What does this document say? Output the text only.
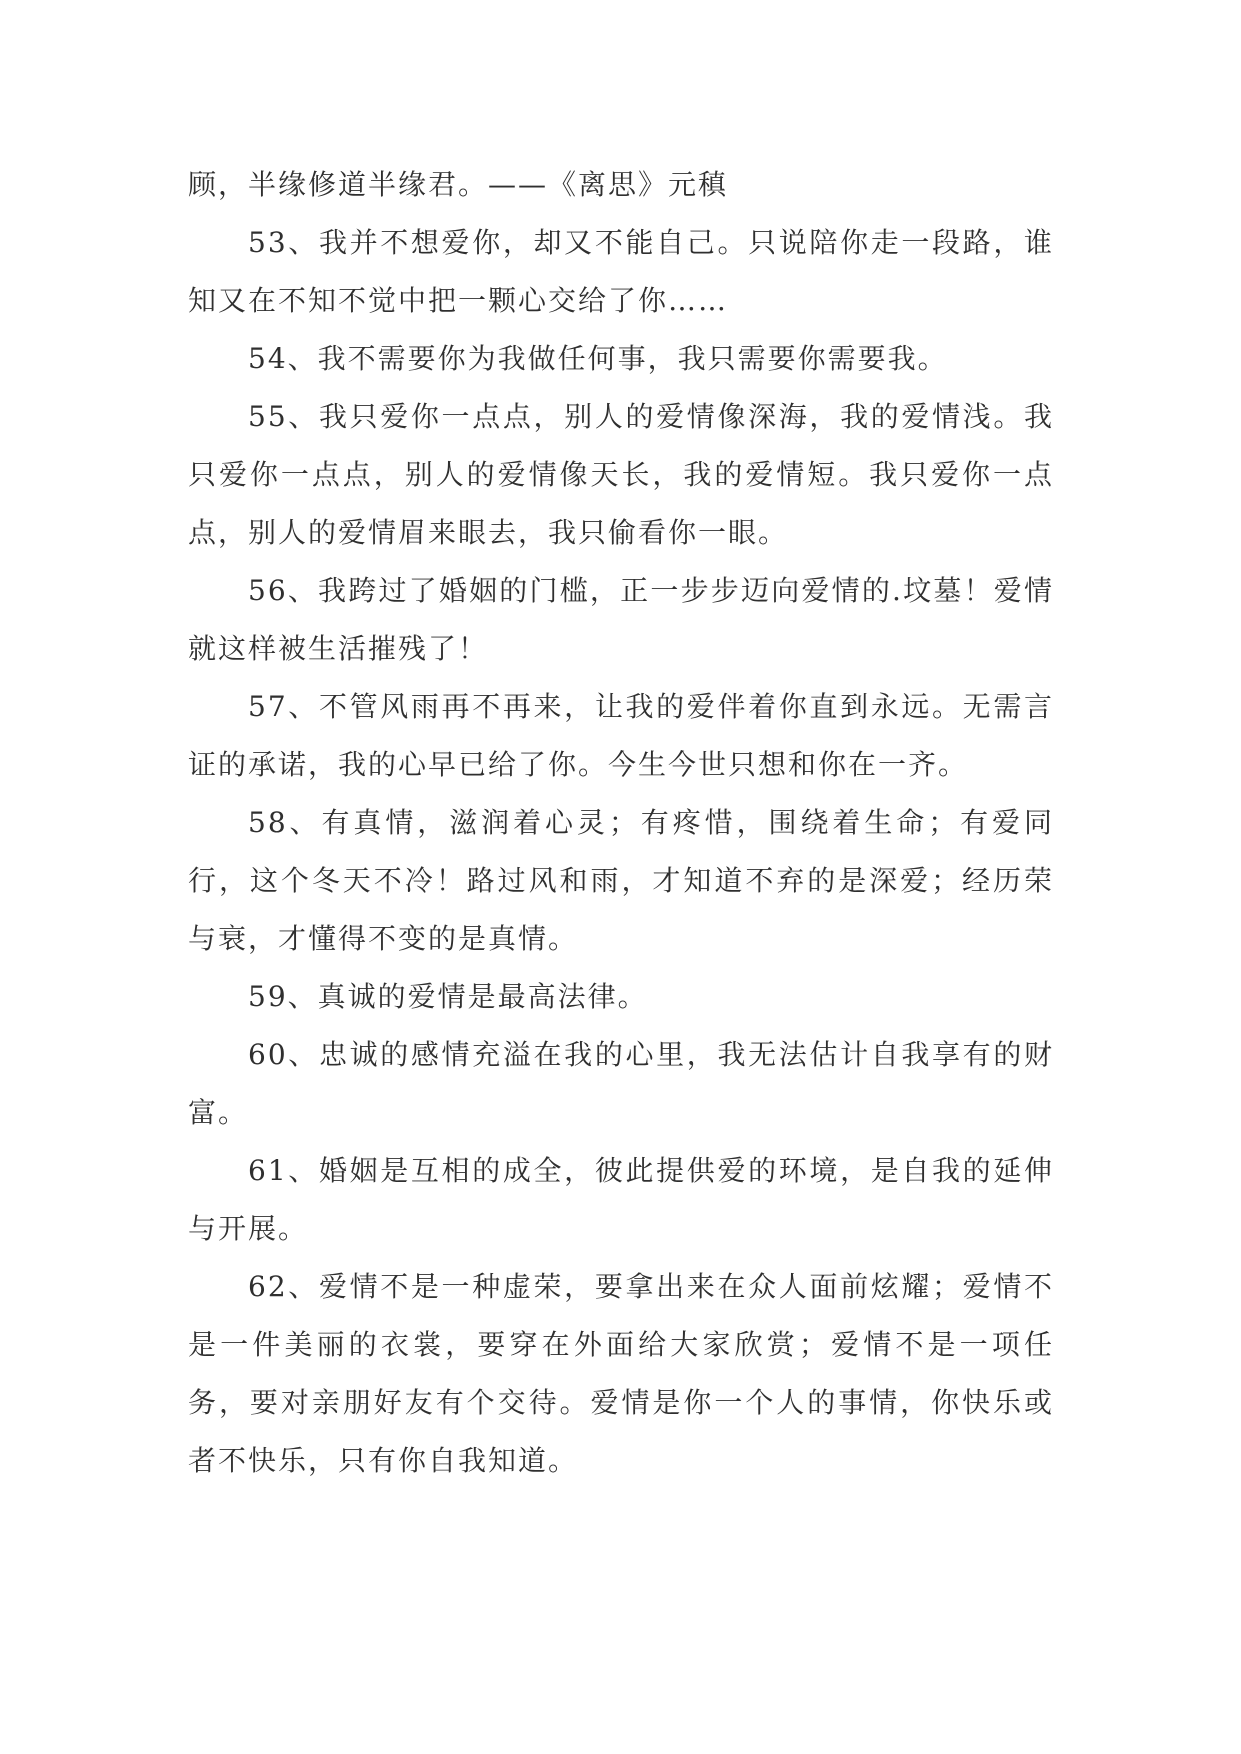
顾，半缘修道半缘君。——《离思》元稹

53、我并不想爱你，却又不能自己。只说陪你走一段路，谁知又在不知不觉中把一颗心交给了你……

54、我不需要你为我做任何事，我只需要你需要我。

55、我只爱你一点点，别人的爱情像深海，我的爱情浅。我只爱你一点点，别人的爱情像天长，我的爱情短。我只爱你一点点，别人的爱情眉来眼去，我只偷看你一眼。

56、我跨过了婚姻的门槛，正一步步迈向爱情的.坟墓！爱情就这样被生活摧残了！

57、不管风雨再不再来，让我的爱伴着你直到永远。无需言证的承诺，我的心早已给了你。今生今世只想和你在一齐。

58、有真情，滋润着心灵；有疼惜，围绕着生命；有爱同行，这个冬天不冷！路过风和雨，才知道不弃的是深爱；经历荣与衰，才懂得不变的是真情。

59、真诚的爱情是最高法律。

60、忠诚的感情充溢在我的心里，我无法估计自我享有的财富。

61、婚姻是互相的成全，彼此提供爱的环境，是自我的延伸与开展。

62、爱情不是一种虚荣，要拿出来在众人面前炫耀；爱情不是一件美丽的衣裳，要穿在外面给大家欣赏；爱情不是一项任务，要对亲朋好友有个交待。爱情是你一个人的事情，你快乐或者不快乐，只有你自我知道。
